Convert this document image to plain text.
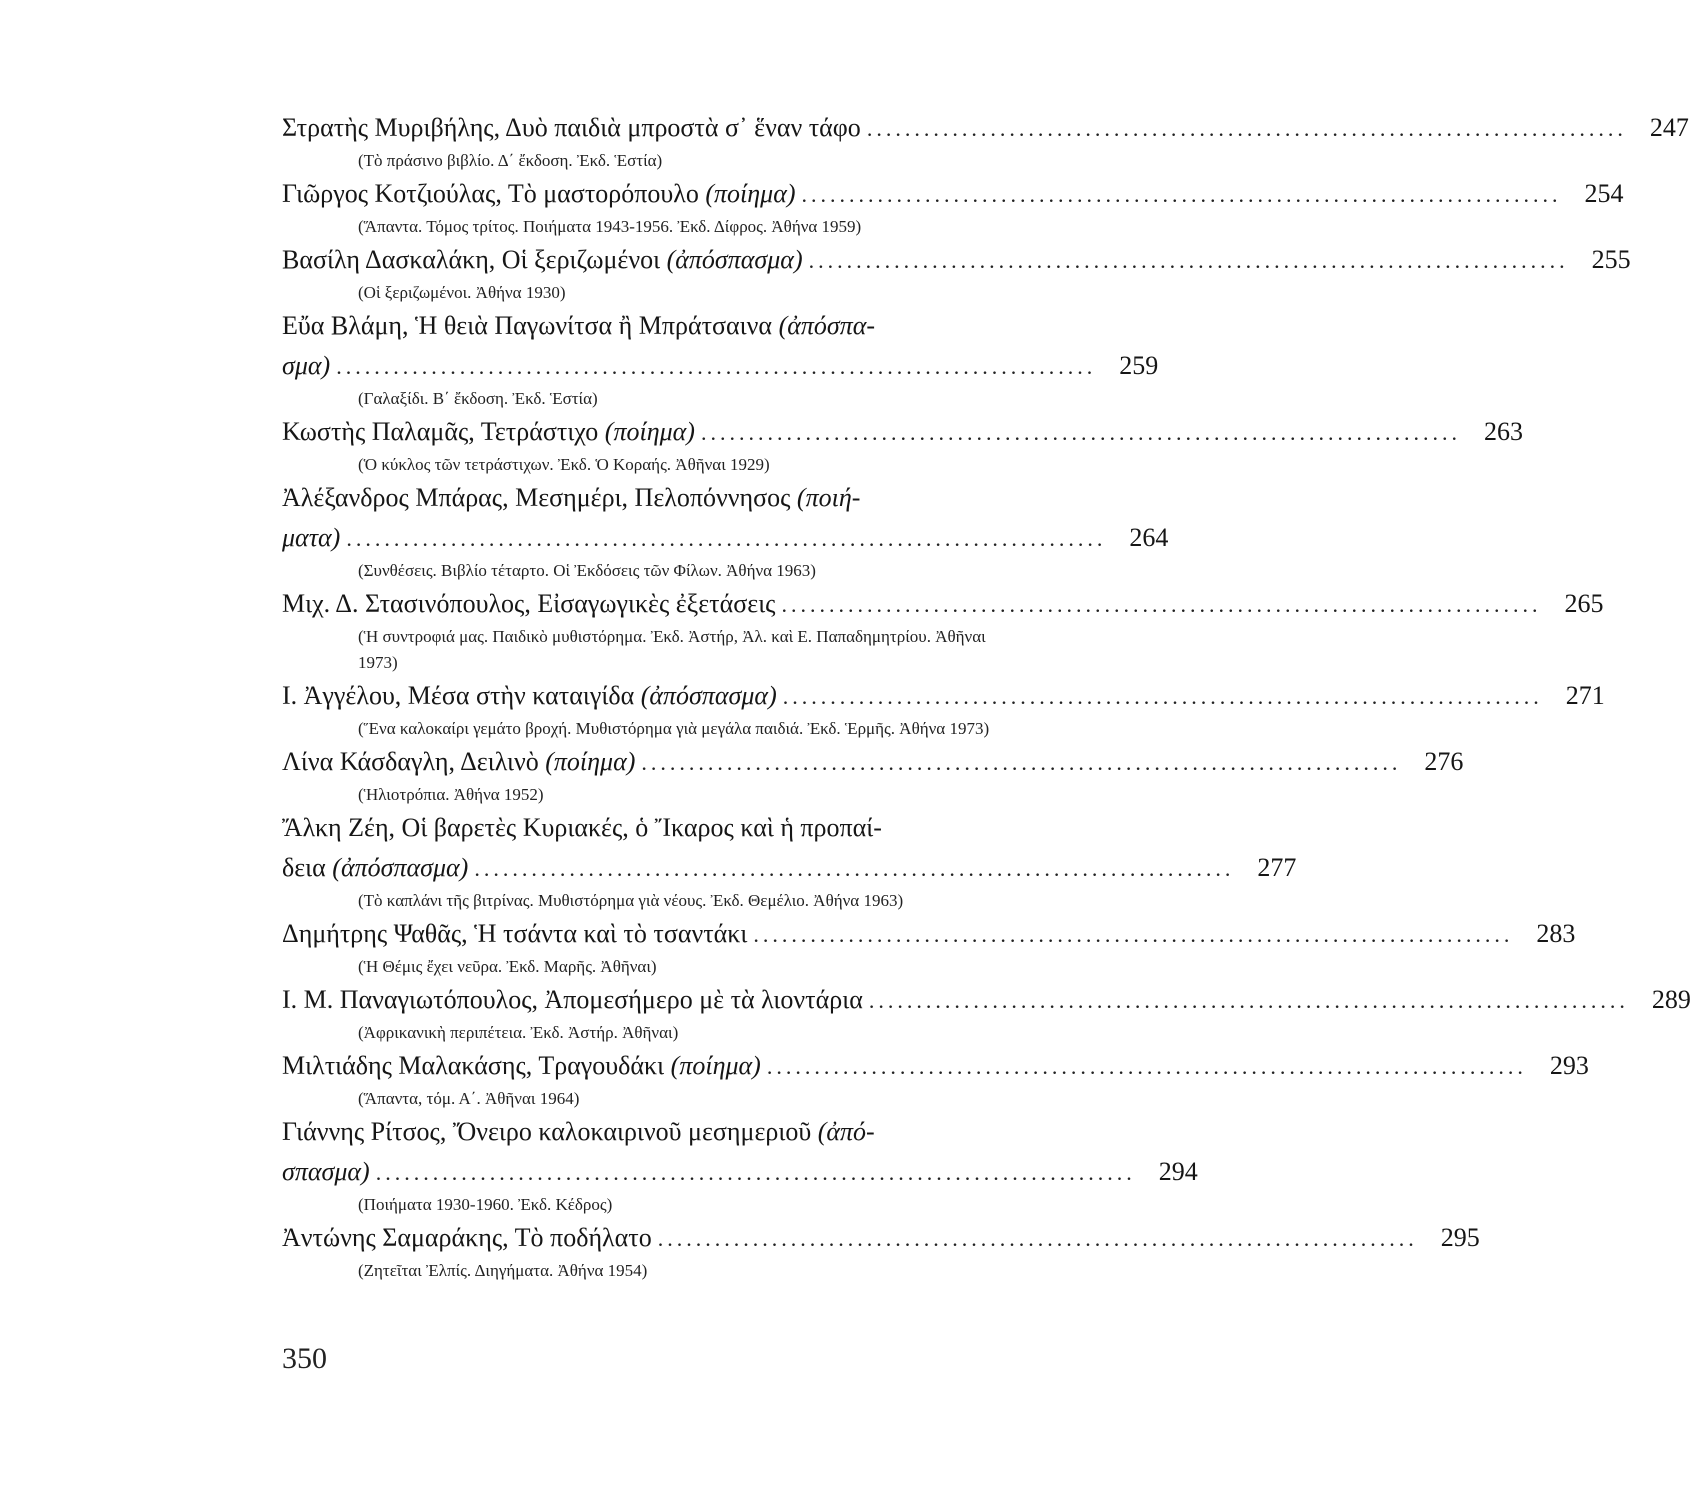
Στρατὴς Μυριβήλης, Δυὸ παιδιὰ μπροστὰ σ᾽ ἕναν τάφο ................................................................................ 247
(Τὸ πράσινο βιβλίο. Δ΄ ἔκδοση. Ἐκδ. Ἑστία)
Γιῶργος Κοτζιούλας, Τὸ μαστορόπουλο (ποίημα) ................................................................................ 254
(Ἅπαντα. Τόμος τρίτος. Ποιήματα 1943-1956. Ἐκδ. Δίφρος. Ἀθήνα 1959)
Βασίλη Δασκαλάκη, Οἱ ξεριζωμένοι (ἀπόσπασμα) ................................................................................ 255
(Οἱ ξεριζωμένοι. Ἀθήνα 1930)
Εὔα Βλάμη, Ἡ θειὰ Παγωνίτσα ἢ Μπράτσαινα (ἀπόσπα-
σμα) ................................................................................ 259
(Γαλαξίδι. Β΄ ἔκδοση. Ἐκδ. Ἑστία)
Κωστὴς Παλαμᾶς, Τετράστιχο (ποίημα) ................................................................................ 263
(Ὁ κύκλος τῶν τετράστιχων. Ἐκδ. Ὁ Κοραής. Ἀθῆναι 1929)
Ἀλέξανδρος Μπάρας, Μεσημέρι, Πελοπόννησος (ποιή-
ματα) ................................................................................ 264
(Συνθέσεις. Βιβλίο τέταρτο. Οἱ Ἐκδόσεις τῶν Φίλων. Ἀθήνα 1963)
Μιχ. Δ. Στασινόπουλος, Εἰσαγωγικὲς ἐξετάσεις ................................................................................ 265
(Ἡ συντροφιά μας. Παιδικὸ μυθιστόρημα. Ἐκδ. Ἀστήρ, Ἀλ. καὶ Ε. Παπαδημητρίου. Ἀθῆναι 1973)
Ι. Ἀγγέλου, Μέσα στὴν καταιγίδα (ἀπόσπασμα) ................................................................................ 271
(Ἕνα καλοκαίρι γεμάτο βροχή. Μυθιστόρημα γιὰ μεγάλα παιδιά. Ἐκδ. Ἑρμῆς. Ἀθήνα 1973)
Λίνα Κάσδαγλη, Δειλινὸ (ποίημα) ................................................................................ 276
(Ἡλιοτρόπια. Ἀθήνα 1952)
Ἄλκη Ζέη, Οἱ βαρετὲς Κυριακές, ὁ Ἴκαρος καὶ ἡ προπαί-
δεια (ἀπόσπασμα) ................................................................................ 277
(Τὸ καπλάνι τῆς βιτρίνας. Μυθιστόρημα γιὰ νέους. Ἐκδ. Θεμέλιο. Ἀθήνα 1963)
Δημήτρης Ψαθᾶς, Ἡ τσάντα καὶ τὸ τσαντάκι ................................................................................ 283
(Ἡ Θέμις ἔχει νεῦρα. Ἐκδ. Μαρῆς. Ἀθῆναι)
Ι. Μ. Παναγιωτόπουλος, Ἀπομεσήμερο μὲ τὰ λιοντάρια ................................................................................ 289
(Ἀφρικανικὴ περιπέτεια. Ἐκδ. Ἀστήρ. Ἀθῆναι)
Μιλτιάδης Μαλακάσης, Τραγουδάκι (ποίημα) ................................................................................ 293
(Ἅπαντα, τόμ. Α΄. Ἀθῆναι 1964)
Γιάννης Ρίτσος, Ὄνειρο καλοκαιρινοῦ μεσημεριοῦ (ἀπό-
σπασμα) ................................................................................ 294
(Ποιήματα 1930-1960. Ἐκδ. Κέδρος)
Ἀντώνης Σαμαράκης, Τὸ ποδήλατο ................................................................................ 295
(Ζητεῖται Ἐλπίς. Διηγήματα. Ἀθήνα 1954)
350
